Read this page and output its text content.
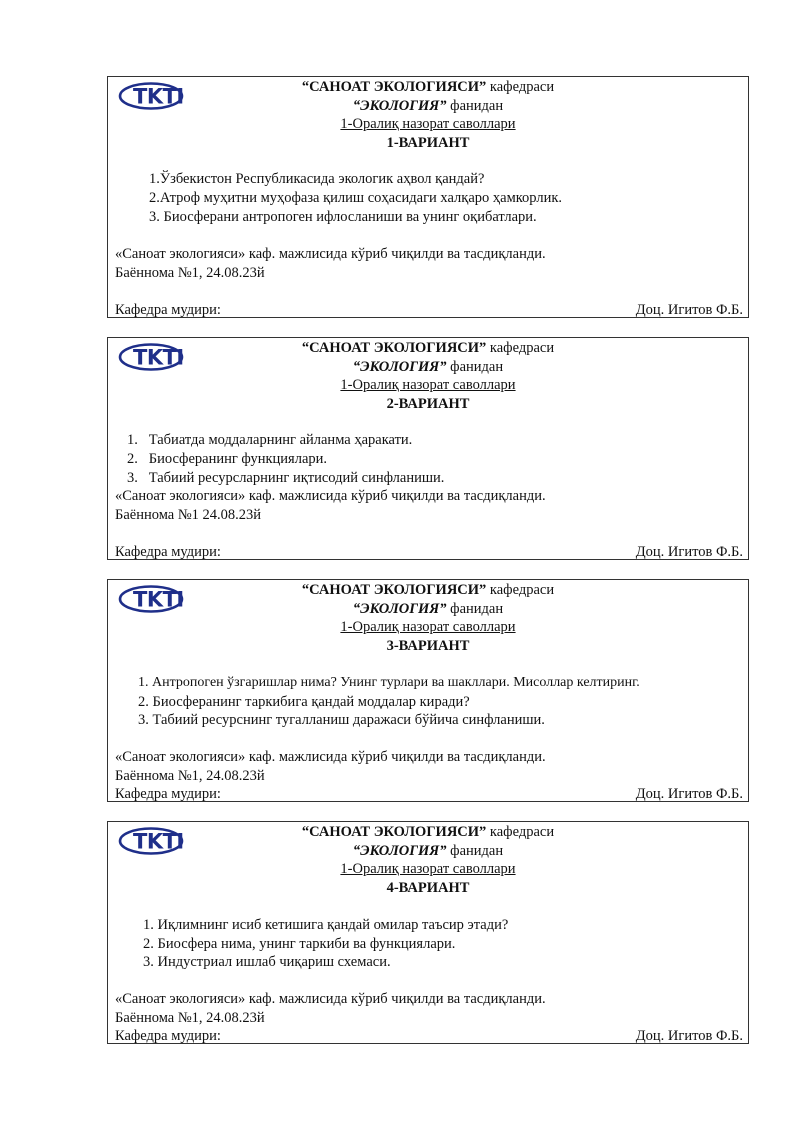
TKTI	“САНОАТ ЭКОЛОГИЯСИ” кафедраси
“ЭКОЛОГИЯ” фанидан
1-Оралиқ назорат саволлари
1-ВАРИАНТ
1.Ўзбекистон Республикасида экологик аҳвол қандай?
2.Атроф муҳитни муҳофаза қилиш соҳасидаги халқаро ҳамкорлик.
3. Биосферани антропоген ифлосланиши ва унинг оқибатлари.
«Саноат экологияси» каф. мажлисида кўриб чиқилди ва тасдиқланди.
Баённома №1, 24.08.23й
Кафедра мудири:	Доц. Игитов Ф.Б.
TKTI	“САНОАТ ЭКОЛОГИЯСИ” кафедраси
“ЭКОЛОГИЯ” фанидан
1-Оралиқ назорат саволлари
2-ВАРИАНТ
1.   Табиатда моддаларнинг айланма ҳаракати.
2.   Биосферанинг функциялари.
3.   Табиий ресурсларнинг иқтисодий синфланиши.
«Саноат экологияси» каф. мажлисида кўриб чиқилди ва тасдиқланди.
Баённома №1 24.08.23й
Кафедра мудири:	Доц. Игитов Ф.Б.
TKTI	“САНОАТ ЭКОЛОГИЯСИ” кафедраси
“ЭКОЛОГИЯ” фанидан
1-Оралиқ назорат саволлари
3-ВАРИАНТ
1. Антропоген ўзгаришлар нима? Унинг турлари ва шакллари. Мисоллар келтиринг.
2. Биосферанинг таркибига қандай моддалар киради?
3. Табиий ресурснинг тугалланиш даражаси бўйича синфланиши.
«Саноат экологияси» каф. мажлисида кўриб чиқилди ва тасдиқланди.
Баённома №1, 24.08.23й
Кафедра мудири:	Доц. Игитов Ф.Б.
TKTI	“САНОАТ ЭКОЛОГИЯСИ” кафедраси
“ЭКОЛОГИЯ” фанидан
1-Оралиқ назорат саволлари
4-ВАРИАНТ
1. Иқлимнинг исиб кетишига қандай омилар таъсир этади?
2. Биосфера нима, унинг таркиби ва функциялари.
3. Индустриал ишлаб чиқариш схемаси.
«Саноат экологияси» каф. мажлисида кўриб чиқилди ва тасдиқланди.
Баённома №1, 24.08.23й
Кафедра мудири:	Доц. Игитов Ф.Б.
